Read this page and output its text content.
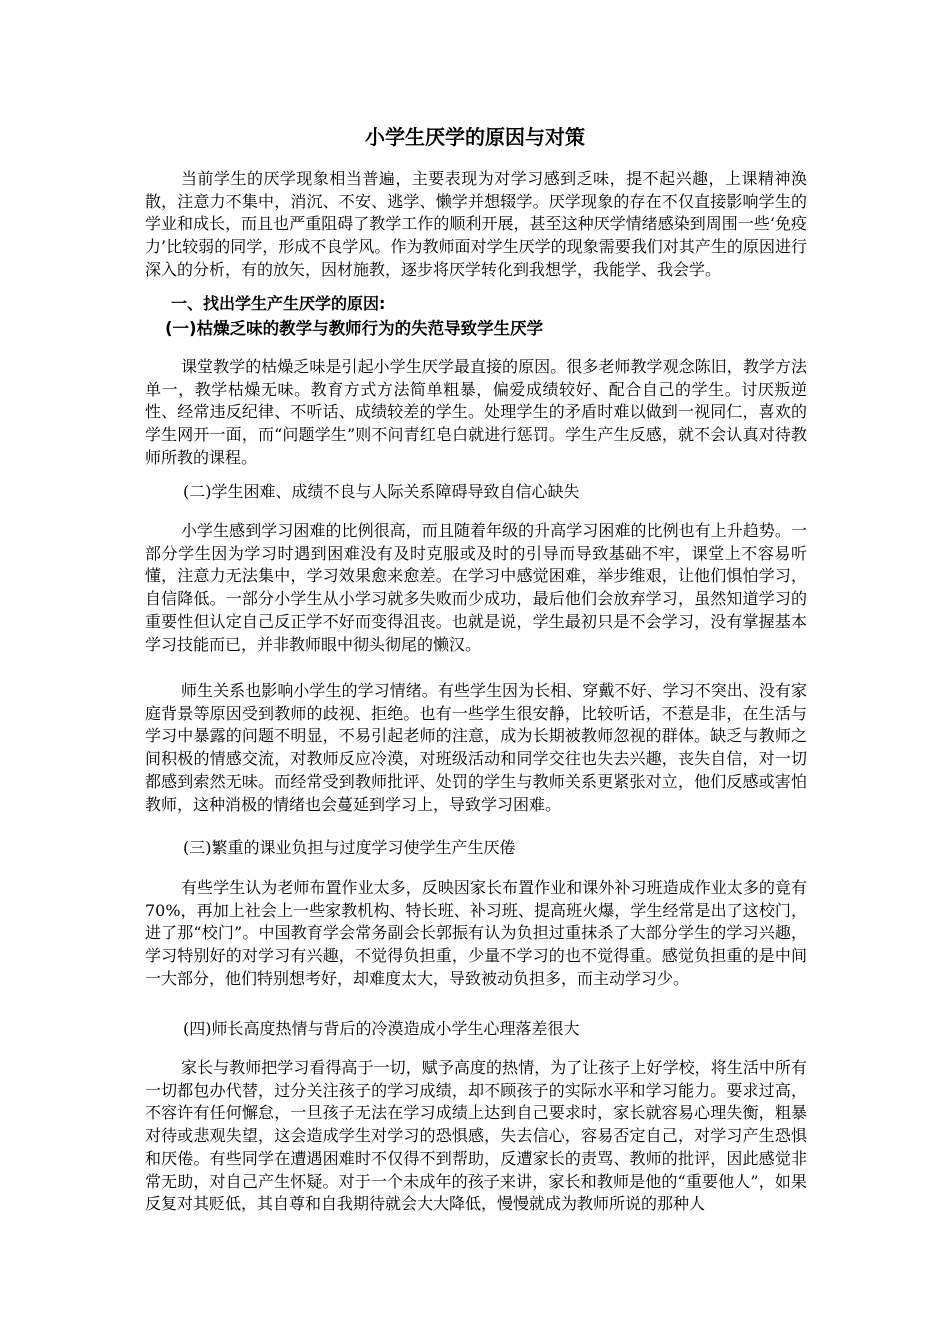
小学生厌学的原因与对策

当前学生的厌学现象相当普遍，主要表现为对学习感到乏味，提不起兴趣，上课精神涣散，注意力不集中，消沉、不安、逃学、懒学并想辍学。厌学现象的存在不仅直接影响学生的学业和成长，而且也严重阻碍了教学工作的顺利开展，甚至这种厌学情绪感染到周围一些‘免疫力’比较弱的同学，形成不良学风。作为教师面对学生厌学的现象需要我们对其产生的原因进行深入的分析，有的放矢，因材施教，逐步将厌学转化到我想学，我能学、我会学。

一、找出学生产生厌学的原因:
(一)枯燥乏味的教学与教师行为的失范导致学生厌学

课堂教学的枯燥乏味是引起小学生厌学最直接的原因。很多老师教学观念陈旧，教学方法单一，教学枯燥无味。教育方式方法简单粗暴，偏爱成绩较好、配合自己的学生。讨厌叛逆性、经常违反纪律、不听话、成绩较差的学生。处理学生的矛盾时难以做到一视同仁，喜欢的学生网开一面，而“问题学生”则不问青红皂白就进行惩罚。学生产生反感，就不会认真对待教师所教的课程。

(二)学生困难、成绩不良与人际关系障碍导致自信心缺失

小学生感到学习困难的比例很高，而且随着年级的升高学习困难的比例也有上升趋势。一部分学生因为学习时遇到困难没有及时克服或及时的引导而导致基础不牢，课堂上不容易听懂，注意力无法集中，学习效果愈来愈差。在学习中感觉困难，举步维艰，让他们惧怕学习，自信降低。一部分小学生从小学习就多失败而少成功，最后他们会放弃学习，虽然知道学习的重要性但认定自己反正学不好而变得沮丧。也就是说，学生最初只是不会学习，没有掌握基本学习技能而已，并非教师眼中彻头彻尾的懒汉。

师生关系也影响小学生的学习情绪。有些学生因为长相、穿戴不好、学习不突出、没有家庭背景等原因受到教师的歧视、拒绝。也有一些学生很安静，比较听话，不惹是非，在生活与学习中暴露的问题不明显，不易引起老师的注意，成为长期被教师忽视的群体。缺乏与教师之间积极的情感交流，对教师反应冷漠，对班级活动和同学交往也失去兴趣，丧失自信，对一切都感到索然无味。而经常受到教师批评、处罚的学生与教师关系更紧张对立，他们反感或害怕教师，这种消极的情绪也会蔓延到学习上，导致学习困难。

(三)繁重的课业负担与过度学习使学生产生厌倦

有些学生认为老师布置作业太多，反映因家长布置作业和课外补习班造成作业太多的竟有70%，再加上社会上一些家教机构、特长班、补习班、提高班火爆，学生经常是出了这校门，进了那“校门”。中国教育学会常务副会长郭振有认为负担过重抹杀了大部分学生的学习兴趣，学习特别好的对学习有兴趣，不觉得负担重，少量不学习的也不觉得重。感觉负担重的是中间一大部分，他们特别想考好，却难度太大，导致被动负担多，而主动学习少。

(四)师长高度热情与背后的冷漠造成小学生心理落差很大

家长与教师把学习看得高于一切，赋予高度的热情，为了让孩子上好学校，将生活中所有一切都包办代替，过分关注孩子的学习成绩，却不顾孩子的实际水平和学习能力。要求过高，不容许有任何懈怠，一旦孩子无法在学习成绩上达到自己要求时，家长就容易心理失衡，粗暴对待或悲观失望，这会造成学生对学习的恐惧感，失去信心，容易否定自己，对学习产生恐惧和厌倦。有些同学在遭遇困难时不仅得不到帮助，反遭家长的责骂、教师的批评，因此感觉非常无助，对自己产生怀疑。对于一个未成年的孩子来讲，家长和教师是他的“重要他人”，如果反复对其贬低，其自尊和自我期待就会大大降低，慢慢就成为教师所说的那种人
